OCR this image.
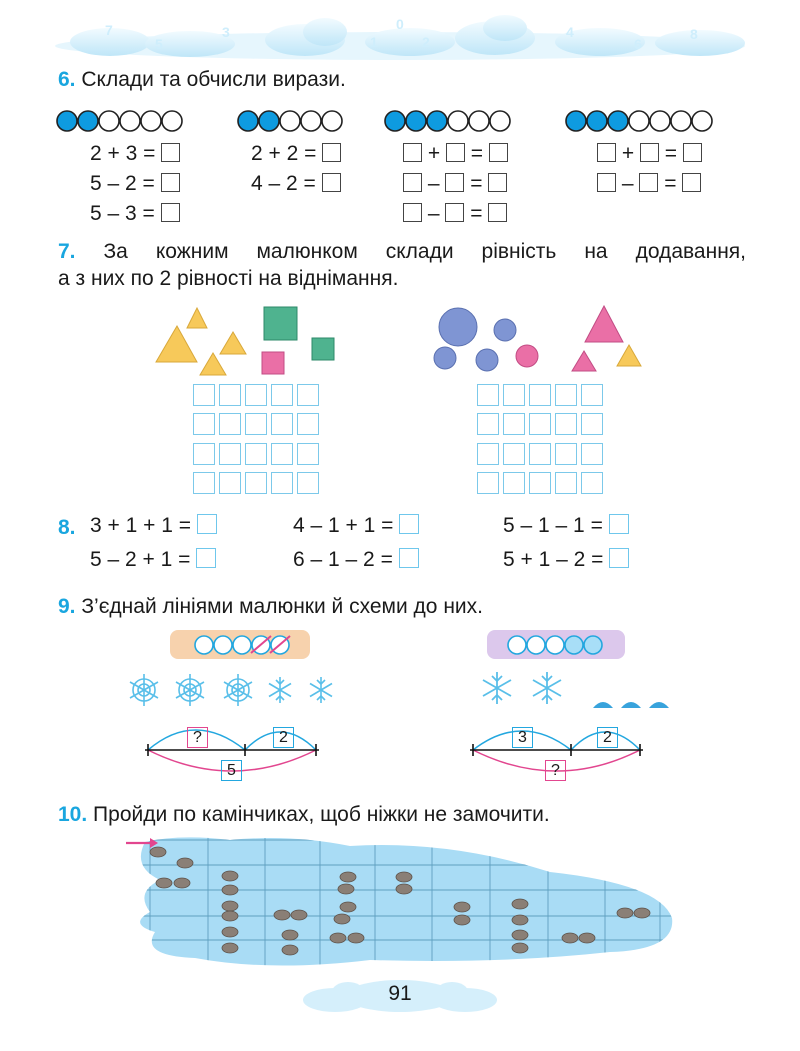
7
5
3
1
0
2
4
6
8
6. Склади та обчисли вирази.
2 + 3 =
5 – 2 =
5 – 3 =
2 + 2 =
4 – 2 =
+ =
– =
– =
+ =
– =
7. За кожним малюнком склади рівність на додавання,
а з них по 2 рівності на віднімання.
8. 3 + 1 + 1 =	4 – 1 + 1 =	5 – 1 – 1 =
5 – 2 + 1 =	6 – 1 – 2 =	5 + 1 – 2 =
9. З’єднай лініями малюнки й схеми до них.
?	2
5
3	2
?
10. Пройди по камінчиках, щоб ніжки не замочити.
91
